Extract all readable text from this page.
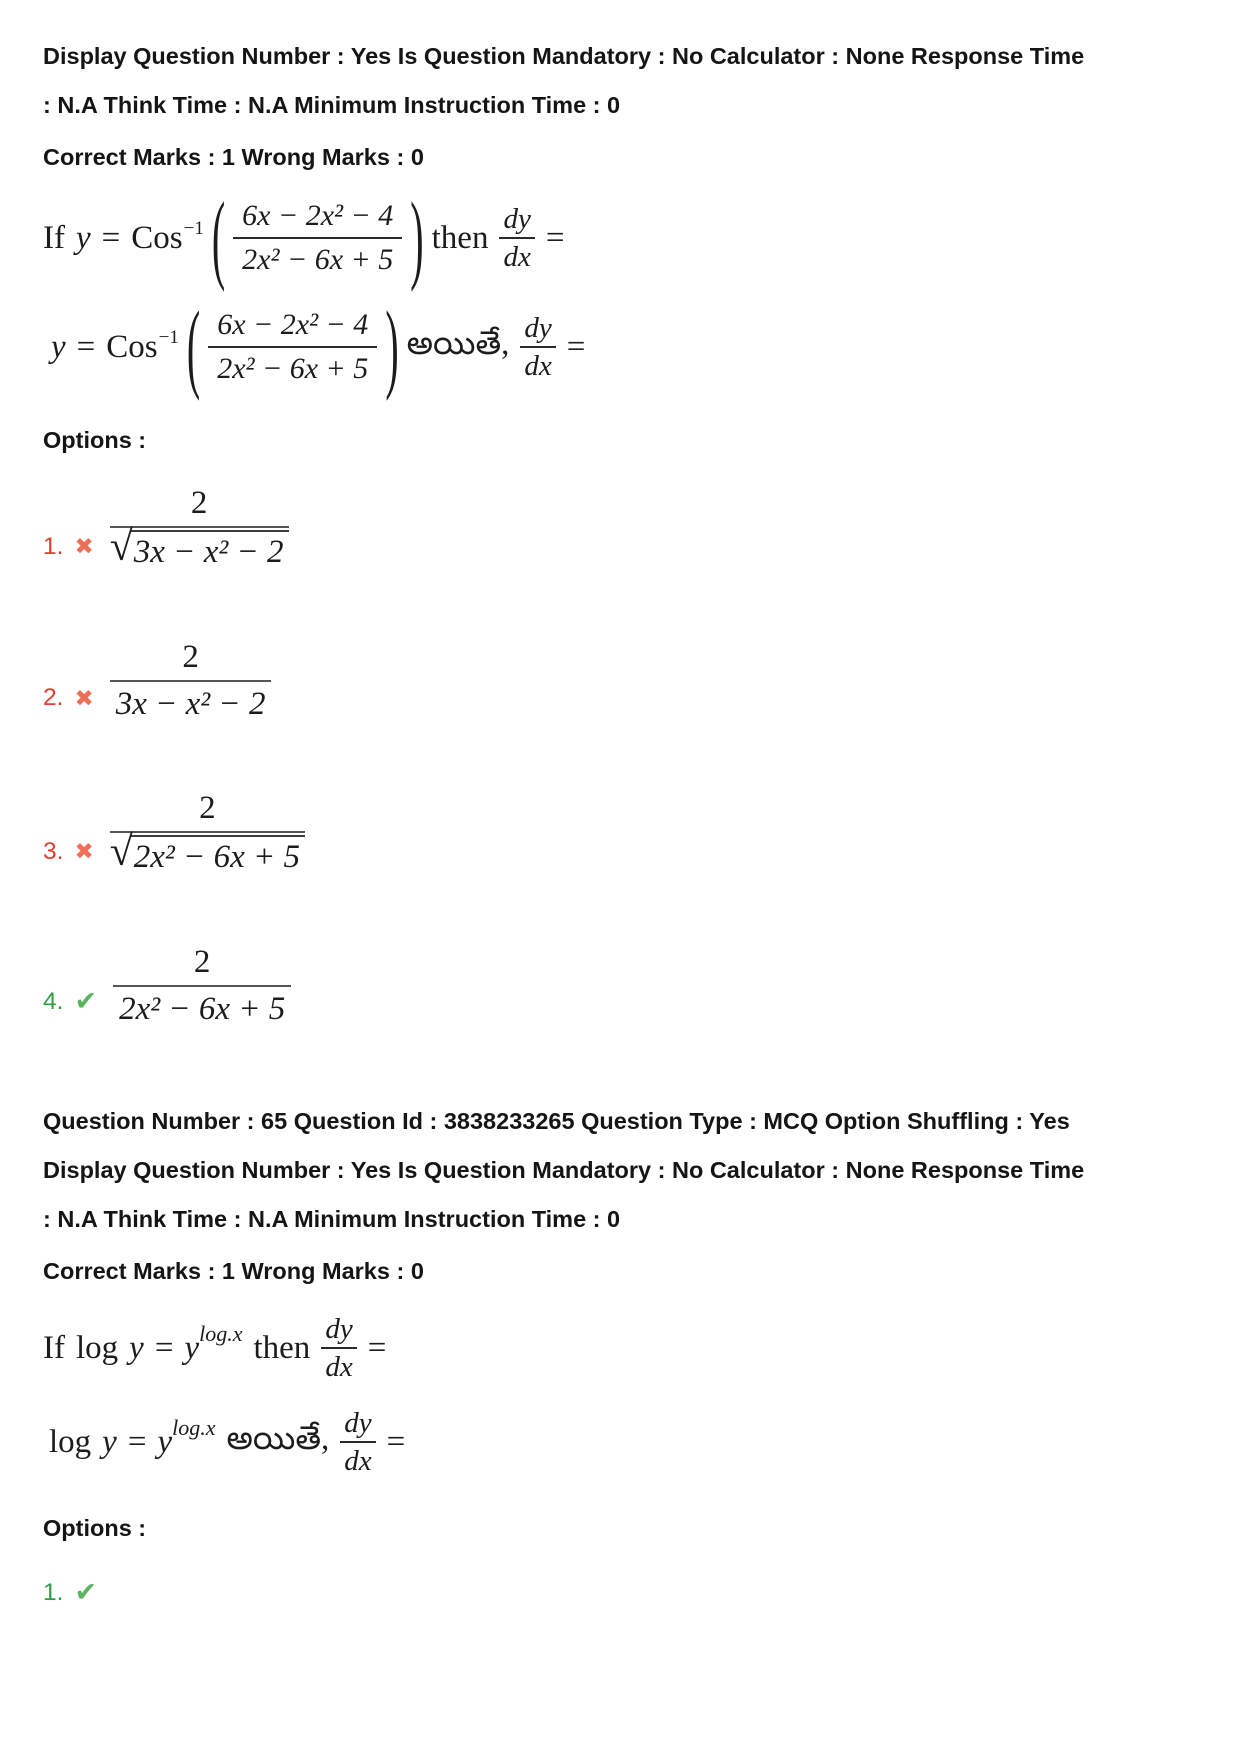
Display Question Number : Yes Is Question Mandatory : No Calculator : None Response Time
: N.A Think Time : N.A Minimum Instruction Time : 0

Correct Marks : 1 Wrong Marks : 0

If y = Cos$^{-1}$ ( $\frac{\text{6x − 2x² − 4}}{\text{2x² − 6x + 5}}$ ) then $\frac{dy}{dx}$ =
y = Cos$^{-1}$ ( $\frac{\text{6x − 2x² − 4}}{\text{2x² − 6x + 5}}$ ) అయితే, $\frac{dy}{dx}$ =

Options :

1. ✖ $\frac{2}{\text{√ 3x − x² − 2}}$
2. ✖ $\frac{2}{\text{3x − x² − 2}}$
3. ✖ $\frac{2}{\text{√ 2x² − 6x + 5}}$
4. ✔ $\frac{2}{\text{2x² − 6x + 5}}$

Question Number : 65 Question Id : 3838233265 Question Type : MCQ Option Shuffling : Yes
Display Question Number : Yes Is Question Mandatory : No Calculator : None Response Time
: N.A Think Time : N.A Minimum Instruction Time : 0

Correct Marks : 1 Wrong Marks : 0

If $\log y = y^{log.x}$ then $\frac{dy}{dx}$ =
$\log y = y^{log.x}$ అయితే, $\frac{dy}{dx}$ =

Options :

1. ✔
